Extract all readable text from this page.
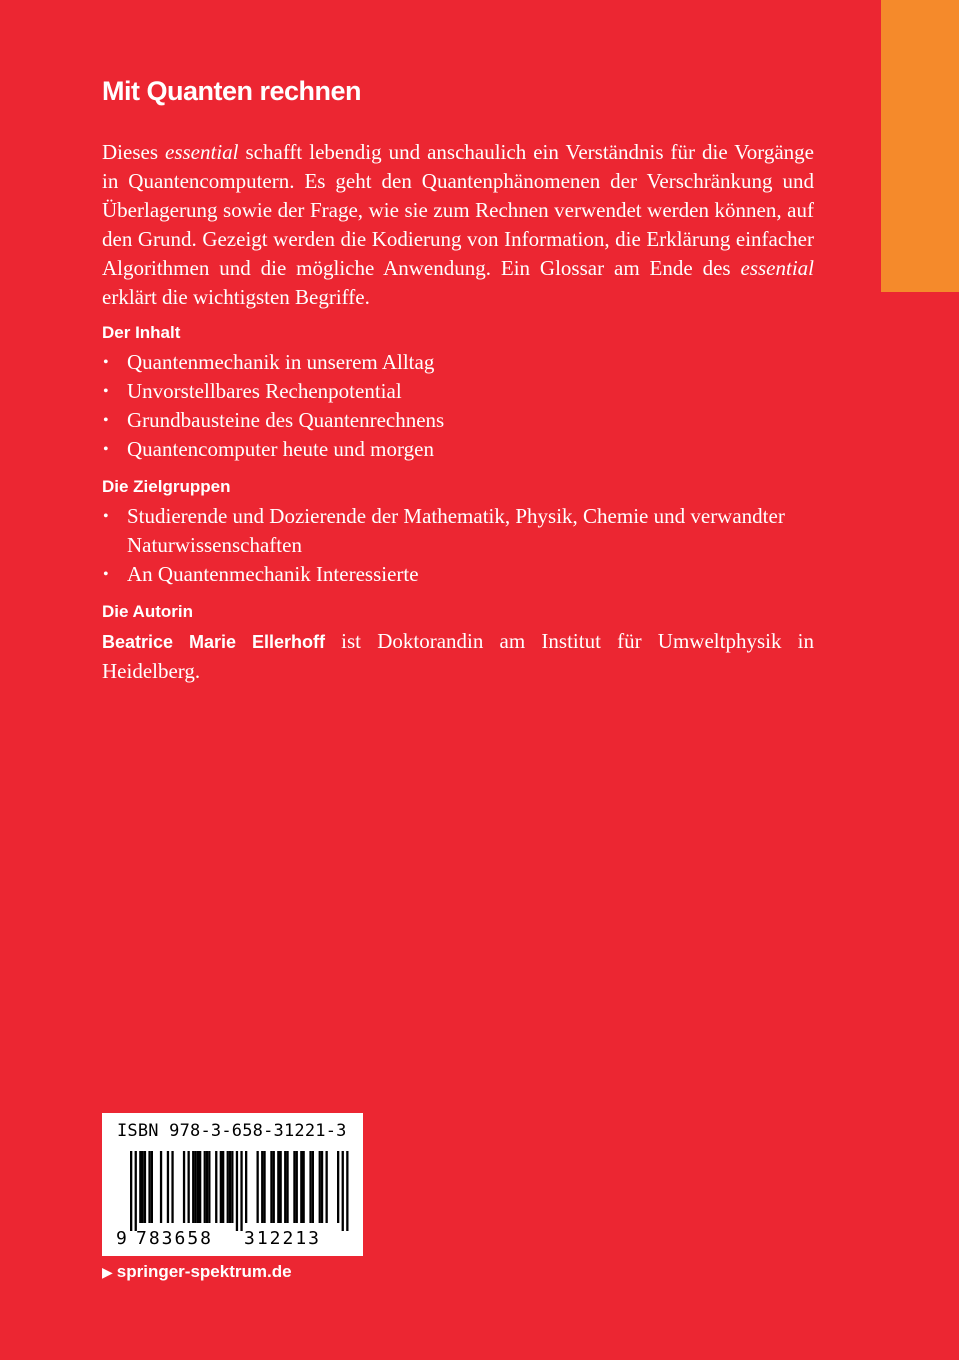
Mit Quanten rechnen

Dieses essential schafft lebendig und anschaulich ein Verständnis für die Vorgänge in Quantencomputern. Es geht den Quantenphänomenen der Verschränkung und Überlagerung sowie der Frage, wie sie zum Rechnen verwendet werden können, auf den Grund. Gezeigt werden die Kodierung von Information, die Erklärung einfacher Algorithmen und die mögliche Anwendung. Ein Glossar am Ende des essential erklärt die wichtigsten Begriffe.

Der Inhalt
• Quantenmechanik in unserem Alltag
• Unvorstellbares Rechenpotential
• Grundbausteine des Quantenrechnens
• Quantencomputer heute und morgen
Die Zielgruppen
• Studierende und Dozierende der Mathematik, Physik, Chemie und verwandter Naturwissenschaften
• An Quantenmechanik Interessierte
Die Autorin

Beatrice Marie Ellerhoff ist Doktorandin am Institut für Umweltphysik in Heidelberg.

ISBN 978-3-658-31221-3
9 783658 312213
▶ springer-spektrum.de
